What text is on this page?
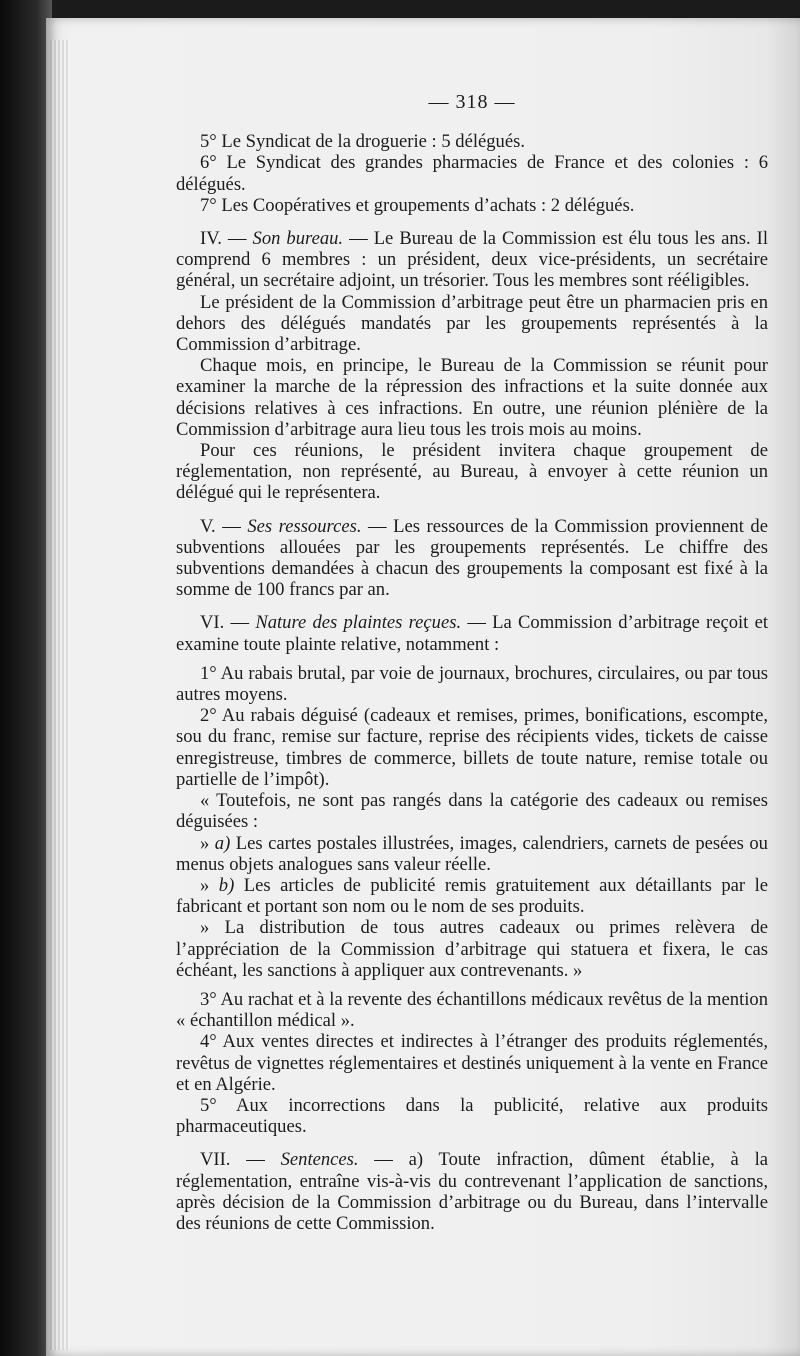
— 318 —

5° Le Syndicat de la droguerie : 5 délégués.

6° Le Syndicat des grandes pharmacies de France et des colonies : 6 délégués.

7° Les Coopératives et groupements d’achats : 2 délégués.

IV. — Son bureau. — Le Bureau de la Commission est élu tous les ans. Il comprend 6 membres : un président, deux vice-présidents, un secrétaire général, un secrétaire adjoint, un trésorier. Tous les membres sont rééligibles.

Le président de la Commission d’arbitrage peut être un pharmacien pris en dehors des délégués mandatés par les groupements représentés à la Commission d’arbitrage.

Chaque mois, en principe, le Bureau de la Commission se réunit pour examiner la marche de la répression des infractions et la suite donnée aux décisions relatives à ces infractions. En outre, une réunion plénière de la Commission d’arbitrage aura lieu tous les trois mois au moins.

Pour ces réunions, le président invitera chaque groupement de réglementation, non représenté, au Bureau, à envoyer à cette réunion un délégué qui le représentera.

V. — Ses ressources. — Les ressources de la Commission proviennent de subventions allouées par les groupements représentés. Le chiffre des subventions demandées à chacun des groupements la composant est fixé à la somme de 100 francs par an.

VI. — Nature des plaintes reçues. — La Commission d’arbitrage reçoit et examine toute plainte relative, notamment :

1° Au rabais brutal, par voie de journaux, brochures, circulaires, ou par tous autres moyens.

2° Au rabais déguisé (cadeaux et remises, primes, bonifications, escompte, sou du franc, remise sur facture, reprise des récipients vides, tickets de caisse enregistreuse, timbres de commerce, billets de toute nature, remise totale ou partielle de l’impôt).

« Toutefois, ne sont pas rangés dans la catégorie des cadeaux ou remises déguisées :

» a) Les cartes postales illustrées, images, calendriers, carnets de pesées ou menus objets analogues sans valeur réelle.

» b) Les articles de publicité remis gratuitement aux détaillants par le fabricant et portant son nom ou le nom de ses produits.

» La distribution de tous autres cadeaux ou primes relèvera de l’appréciation de la Commission d’arbitrage qui statuera et fixera, le cas échéant, les sanctions à appliquer aux contrevenants. »

3° Au rachat et à la revente des échantillons médicaux revêtus de la mention « échantillon médical ».

4° Aux ventes directes et indirectes à l’étranger des produits réglementés, revêtus de vignettes réglementaires et destinés uniquement à la vente en France et en Algérie.

5° Aux incorrections dans la publicité, relative aux produits pharmaceutiques.

VII. — Sentences. — a) Toute infraction, dûment établie, à la réglementation, entraîne vis-à-vis du contrevenant l’application de sanctions, après décision de la Commission d’arbitrage ou du Bureau, dans l’intervalle des réunions de cette Commission.
